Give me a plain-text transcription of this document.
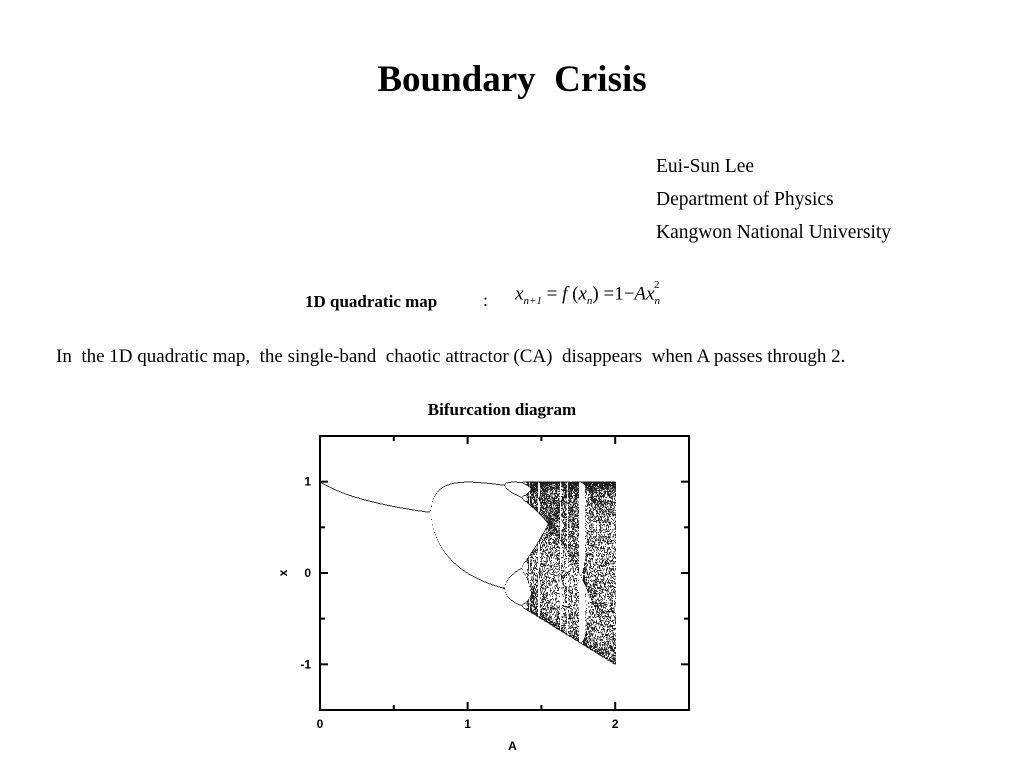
Boundary  Crisis
Eui-Sun Lee
Department of Physics
Kangwon National University
1D quadratic map	: $x_{n+1} = f$ $(x_n) =1-Ax_n^2$
In  the 1D quadratic map,  the single-band  chaotic attractor (CA)  disappears  when A passes through 2.
Bifurcation diagram
0	1	2
-1
0
1
A
x
